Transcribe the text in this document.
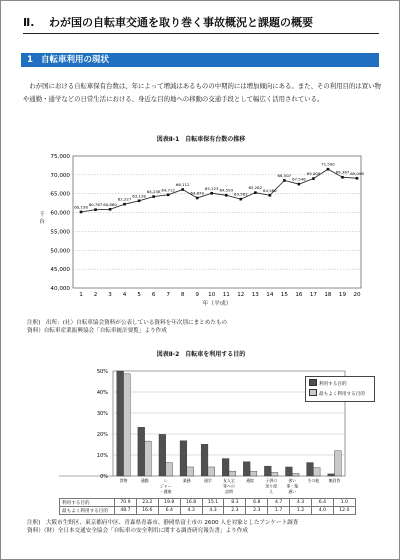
Ⅱ. わが国の自転車交通を取り巻く事故概況と課題の概要
1 自転車利用の現状

わが国における自転車保有台数は、年によって増減はあるものの中期的には増加傾向にある。また、その利用目的は買い物や通勤・通学などの日常生活における、身近な目的地への移動の交通手段として幅広く活用されている。

図表Ⅱ-1　自転車保有台数の推移
40,000
45,000
50,000
55,000
60,000
65,000
70,000
75,000
千
台
1 2 3 4 5 6 7 8 9 10 11 12 13 14 15 16 17 18 19 20
年（平成）
60,158 60,767 60,860
62,227
63,128
64,238 64,712
66,112
63,870
65,123 64,593
63,561
65,282
64,580
68,507
67,546
69,009
71,500
69,367 69,098
注釈)　出所：(社）自転車協会資料が公表している資料を年次別にまとめたもの
資料）自転車産業振興協会「自転車統計要覧」より作成
図表Ⅱ-2　自転車を利用する目的
0%
10%
20%
30%
40%
50%
買物	通勤	レ
ジャー
・健康
業務	通学	友人宅
等への
訪問
通院	子供の
送り迎
え
習い
事・塾
通い
その他 無回答
利用する目的
最もよく利用する目的
利用する目的	70.9	23.2	19.8	16.8	15.1	8.3	6.8	4.7	4.3	6.4	1.0
最もよく利用する目的	48.7	16.6	6.4	4.3	4.3	2.3	2.3	1.7	1.2	4.0	12.0
注釈)　大阪市生野区、東京都府中区、青森県青森市、静岡県富士市の 2600 人を対象としたアンケート調査
資料）（財）全日本交通安全協会「自転車の安全利用に関する調査研究報告書」より作成
